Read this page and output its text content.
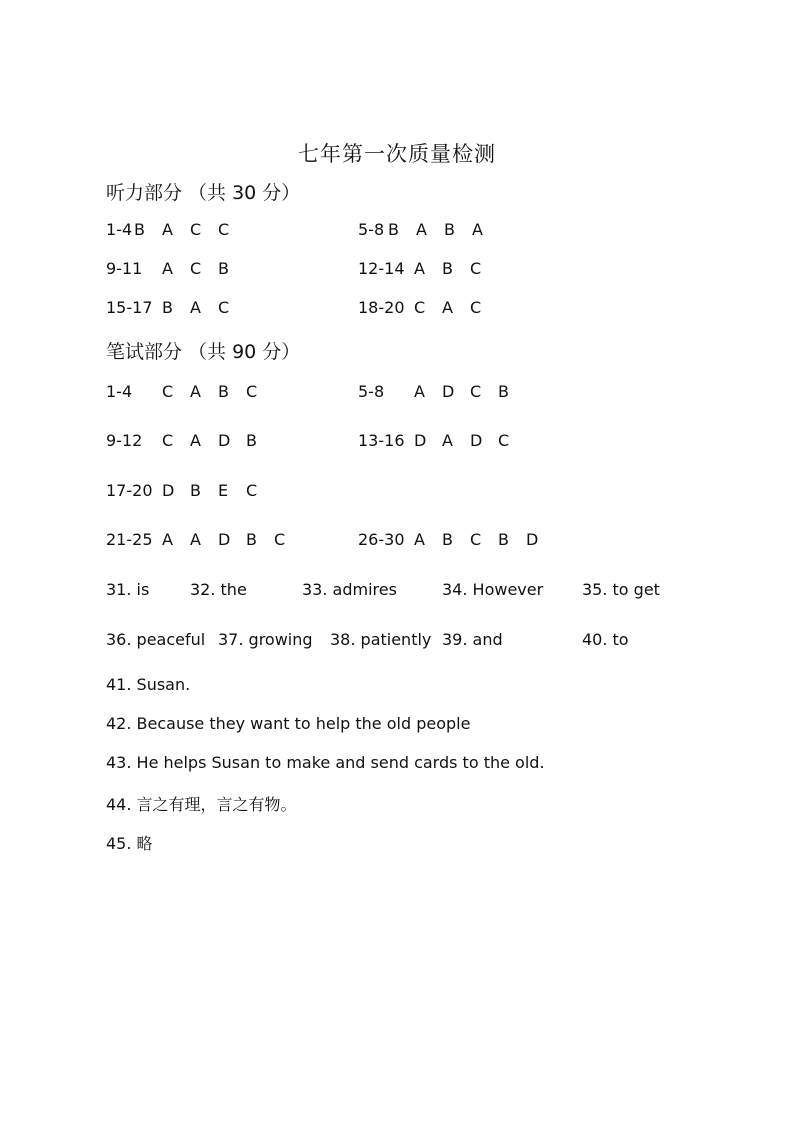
七年第一次质量检测
听力部分 （共 30 分）
1-4 B A C C	5-8 B A B A
9-11 A C B	12-14 A B C
15-17 B A C	18-20 C A C
笔试部分 （共 90 分）
1-4 C A B C	5-8 A D C B
9-12 C A D B	13-16 D A D C
17-20 D B E C
21-25 A A D B C	26-30 A B C B D
31. is	32. the	33. admires	34. However 35. to get
36. peaceful 37. growing 38. patiently 39. and	40. to
41. Susan.
42. Because they want to help the old people
43. He helps Susan to make and send cards to the old.
44. 言之有理，言之有物。
45. 略
